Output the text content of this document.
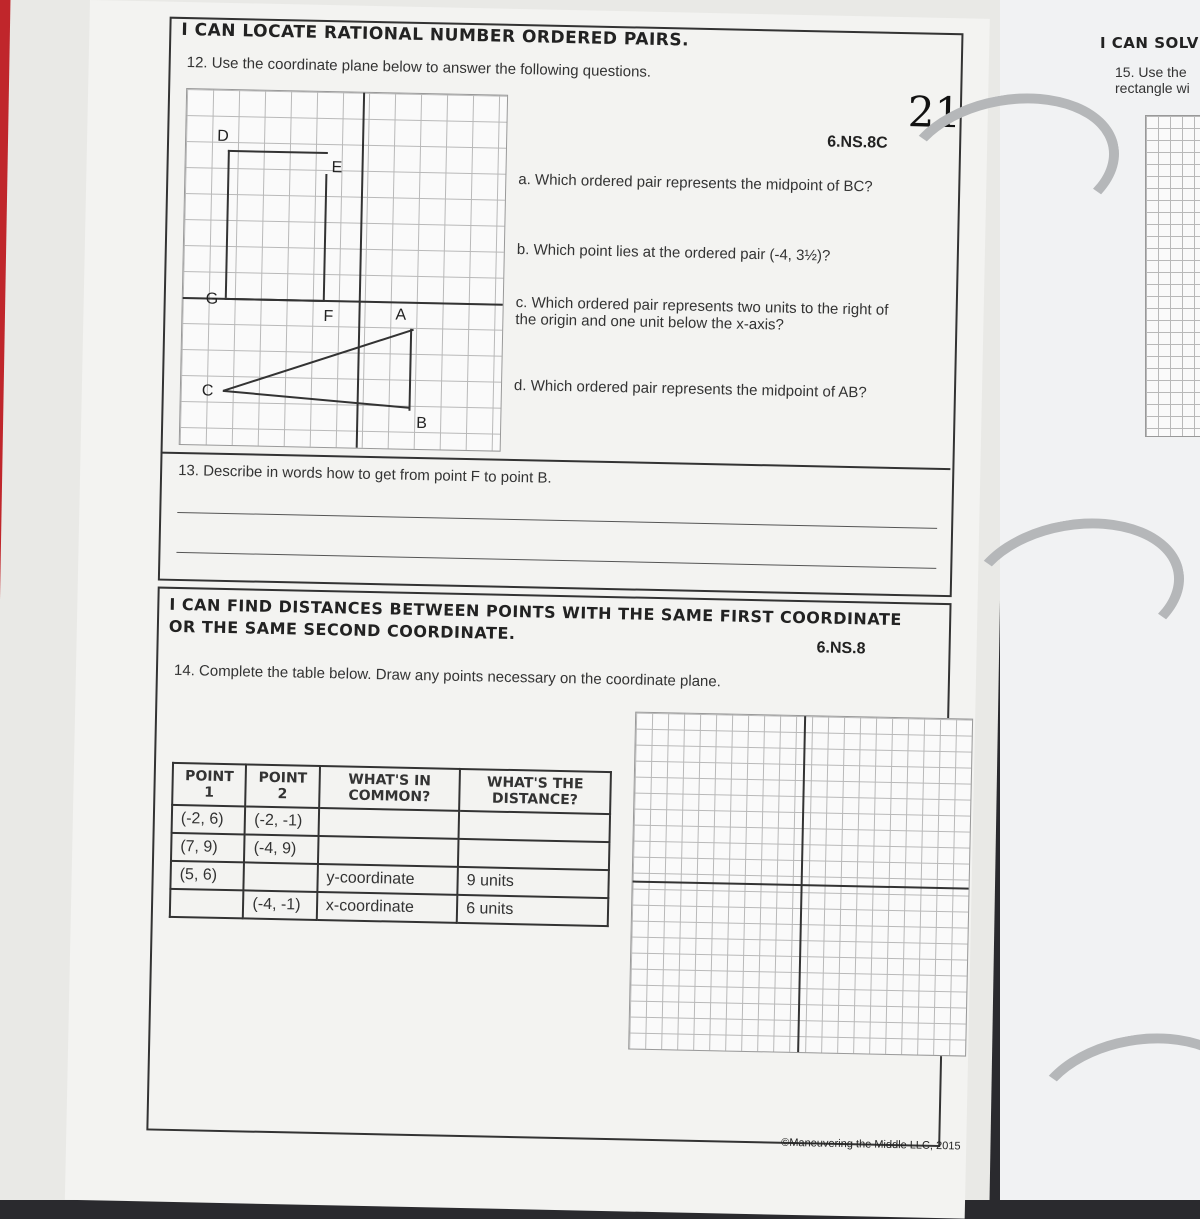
I CAN SOLV
15. Use the rectangle wi
I CAN LOCATE RATIONAL NUMBER ORDERED PAIRS.
6.NS.8C
12. Use the coordinate plane below to answer the following questions.
D
E
G
F	A
C
B
a. Which ordered pair represents the midpoint of BC?
b. Which point lies at the ordered pair (-4, 3½)?
c. Which ordered pair represents two units to the right of the origin and one unit below the x-axis?
d. Which ordered pair represents the midpoint of AB?
13. Describe in words how to get from point F to point B.
I CAN FIND DISTANCES BETWEEN POINTS WITH THE SAME FIRST COORDINATE OR THE SAME SECOND COORDINATE.
6.NS.8
14. Complete the table below. Draw any points necessary on the coordinate plane.
POINT 1	POINT 2	WHAT'S IN COMMON?	WHAT'S THE DISTANCE?
(-2, 6)	(-2, -1)		
(7, 9)	(-4, 9)		
(5, 6)		y-coordinate	9 units
	(-4, -1)	x-coordinate	6 units
©Maneuvering the Middle LLC, 2015
21
